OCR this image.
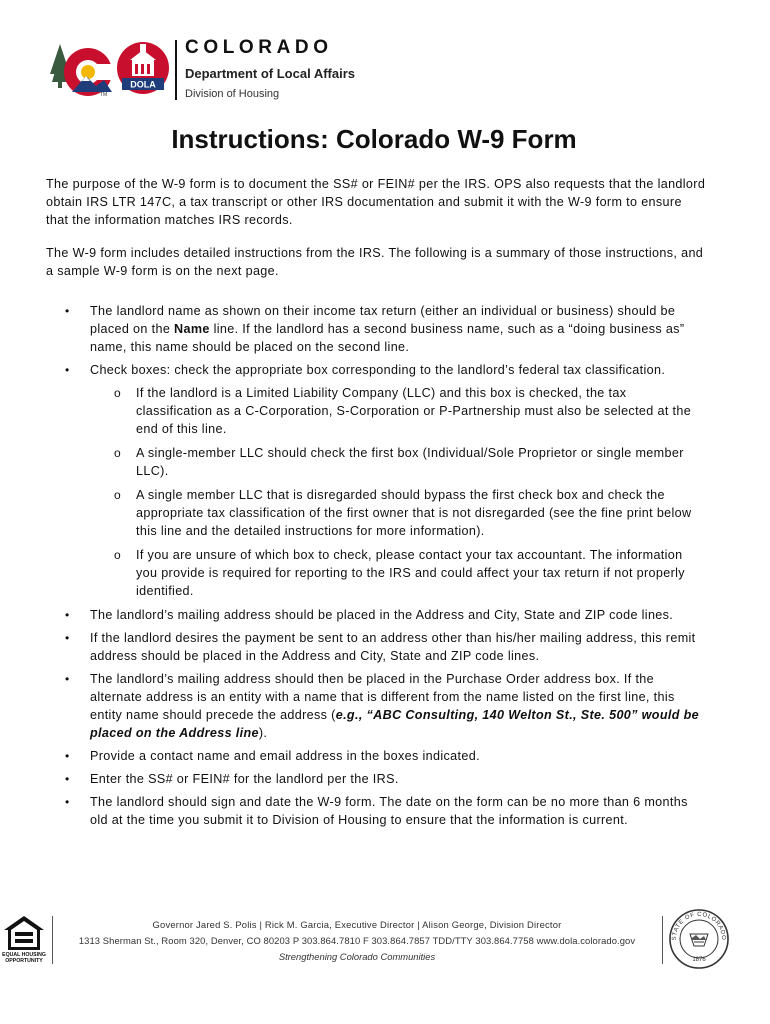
DOLA
TM
COLORADO
Department of Local Affairs
Division of Housing
Instructions: Colorado W-9 Form

The purpose of the W-9 form is to document the SS# or FEIN# per the IRS. OPS also requests that the landlord obtain IRS LTR 147C, a tax transcript or other IRS documentation and submit it with the W-9 form to ensure that the information matches IRS records.

The W-9 form includes detailed instructions from the IRS. The following is a summary of those instructions, and a sample W-9 form is on the next page.

• The landlord name as shown on their income tax return (either an individual or business) should be placed on the Name line. If the landlord has a second business name, such as a “doing business as” name, this name should be placed on the second line.
• Check boxes: check the appropriate box corresponding to the landlord’s federal tax classification.
o If the landlord is a Limited Liability Company (LLC) and this box is checked, the tax classification as a C-Corporation, S-Corporation or P-Partnership must also be selected at the end of this line.
o A single-member LLC should check the first box (Individual/Sole Proprietor or single member LLC).
o A single member LLC that is disregarded should bypass the first check box and check the appropriate tax classification of the first owner that is not disregarded (see the fine print below this line and the detailed instructions for more information).
o If you are unsure of which box to check, please contact your tax accountant. The information you provide is required for reporting to the IRS and could affect your tax return if not properly identified.
• The landlord’s mailing address should be placed in the Address and City, State and ZIP code lines.
• If the landlord desires the payment be sent to an address other than his/her mailing address, this remit address should be placed in the Address and City, State and ZIP code lines.
• The landlord’s mailing address should then be placed in the Purchase Order address box. If the alternate address is an entity with a name that is different from the name listed on the first line, this entity name should precede the address (e.g., “ABC Consulting, 140 Welton St., Ste. 500” would be placed on the Address line).
• Provide a contact name and email address in the boxes indicated.
• Enter the SS# or FEIN# for the landlord per the IRS.
• The landlord should sign and date the W-9 form. The date on the form can be no more than 6 months old at the time you submit it to Division of Housing to ensure that the information is current.
EQUAL HOUSING
OPPORTUNITY
Governor Jared S. Polis | Rick M. Garcia, Executive Director | Alison George, Division Director
1313 Sherman St., Room 320, Denver, CO 80203 P 303.864.7810 F 303.864.7857 TDD/TTY 303.864.7758 www.dola.colorado.gov
Strengthening Colorado Communities
STATE OF COLORADO
1876
